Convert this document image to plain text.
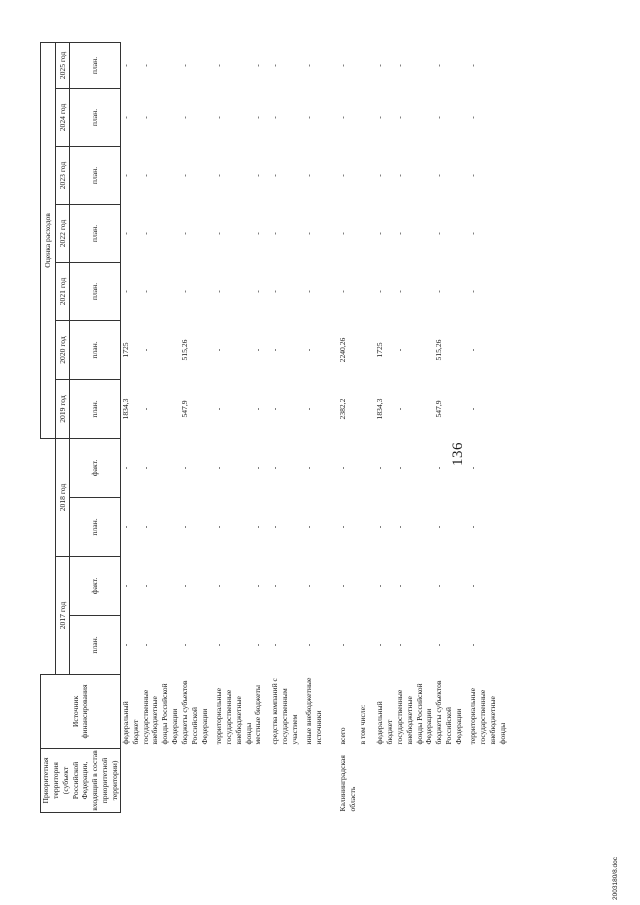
136
Приоритетная территория (субъект Российской Федерации, входящий в состав приоритетной территории)	Источник финансирования					Оценка расходов						
		2017 год		2018 год		2019 год	2020 год	2021 год	2022 год	2023 год	2024 год	2025 год
		план.	факт.	план.	факт.	план.	план.	план.	план.	план.	план.	план.
	федеральный бюджет	-	-	-	-	1834,3	1725	-	-	-	-	-
	государственные внебюджетные фонды Российской Федерации	-	-	-	-	-	-	-	-	-	-	-
	бюджеты субъектов Российской Федерации	-	-	-	-	547,9	515,26	-	-	-	-	-
	территориальные государственные внебюджетные фонды	-	-	-	-	-	-	-	-	-	-	-
	местные бюджеты	-	-	-	-	-	-	-	-	-	-	-
	средства компаний с государственным участием	-	-	-	-	-	-	-	-	-	-	-
	иные внебюджетные источники	-	-	-	-	-	-	-	-	-	-	-
Калининградская область	всего	-	-	-	-	2382,2	2240,26	-	-	-	-	-
	в том числе:											
	федеральный бюджет	-	-	-	-	1834,3	1725	-	-	-	-	-
	государственные внебюджетные фонды Российской Федерации	-	-	-	-	-	-	-	-	-	-	-
	бюджеты субъектов Российской Федерации	-	-	-	-	547,9	515,26	-	-	-	-	-
	территориальные государственные внебюджетные фонды	-	-	-	-	-	-	-	-	-	-	-
2003180/8.doc
